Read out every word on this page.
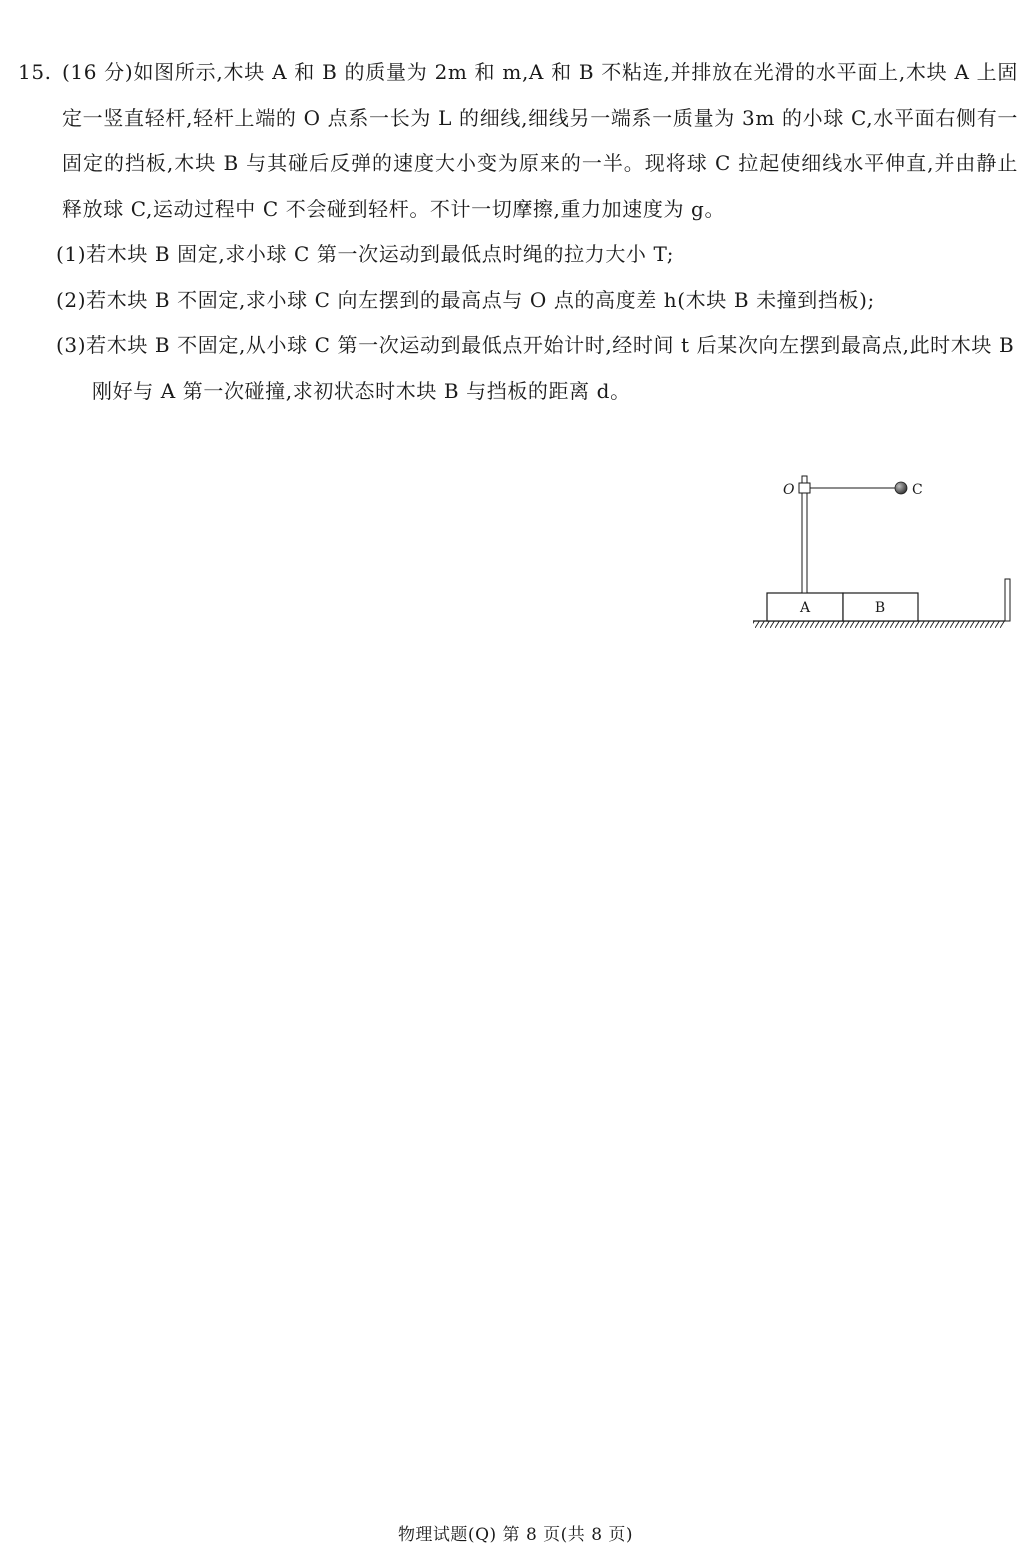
15. (16 分)如图所示,木块 A 和 B 的质量为 2m 和 m,A 和 B 不粘连,并排放在光滑的水平面上,木块 A 上固定一竖直轻杆,轻杆上端的 O 点系一长为 L 的细线,细线另一端系一质量为 3m 的小球 C,水平面右侧有一固定的挡板,木块 B 与其碰后反弹的速度大小变为原来的一半。现将球 C 拉起使细线水平伸直,并由静止释放球 C,运动过程中 C 不会碰到轻杆。不计一切摩擦,重力加速度为 g。

(1)若木块 B 固定,求小球 C 第一次运动到最低点时绳的拉力大小 T;

(2)若木块 B 不固定,求小球 C 向左摆到的最高点与 O 点的高度差 h(木块 B 未撞到挡板);

(3)若木块 B 不固定,从小球 C 第一次运动到最低点开始计时,经时间 t 后某次向左摆到最高点,此时木块 B 刚好与 A 第一次碰撞,求初状态时木块 B 与挡板的距离 d。

A	B
O	C
物理试题(Q) 第 8 页(共 8 页)
